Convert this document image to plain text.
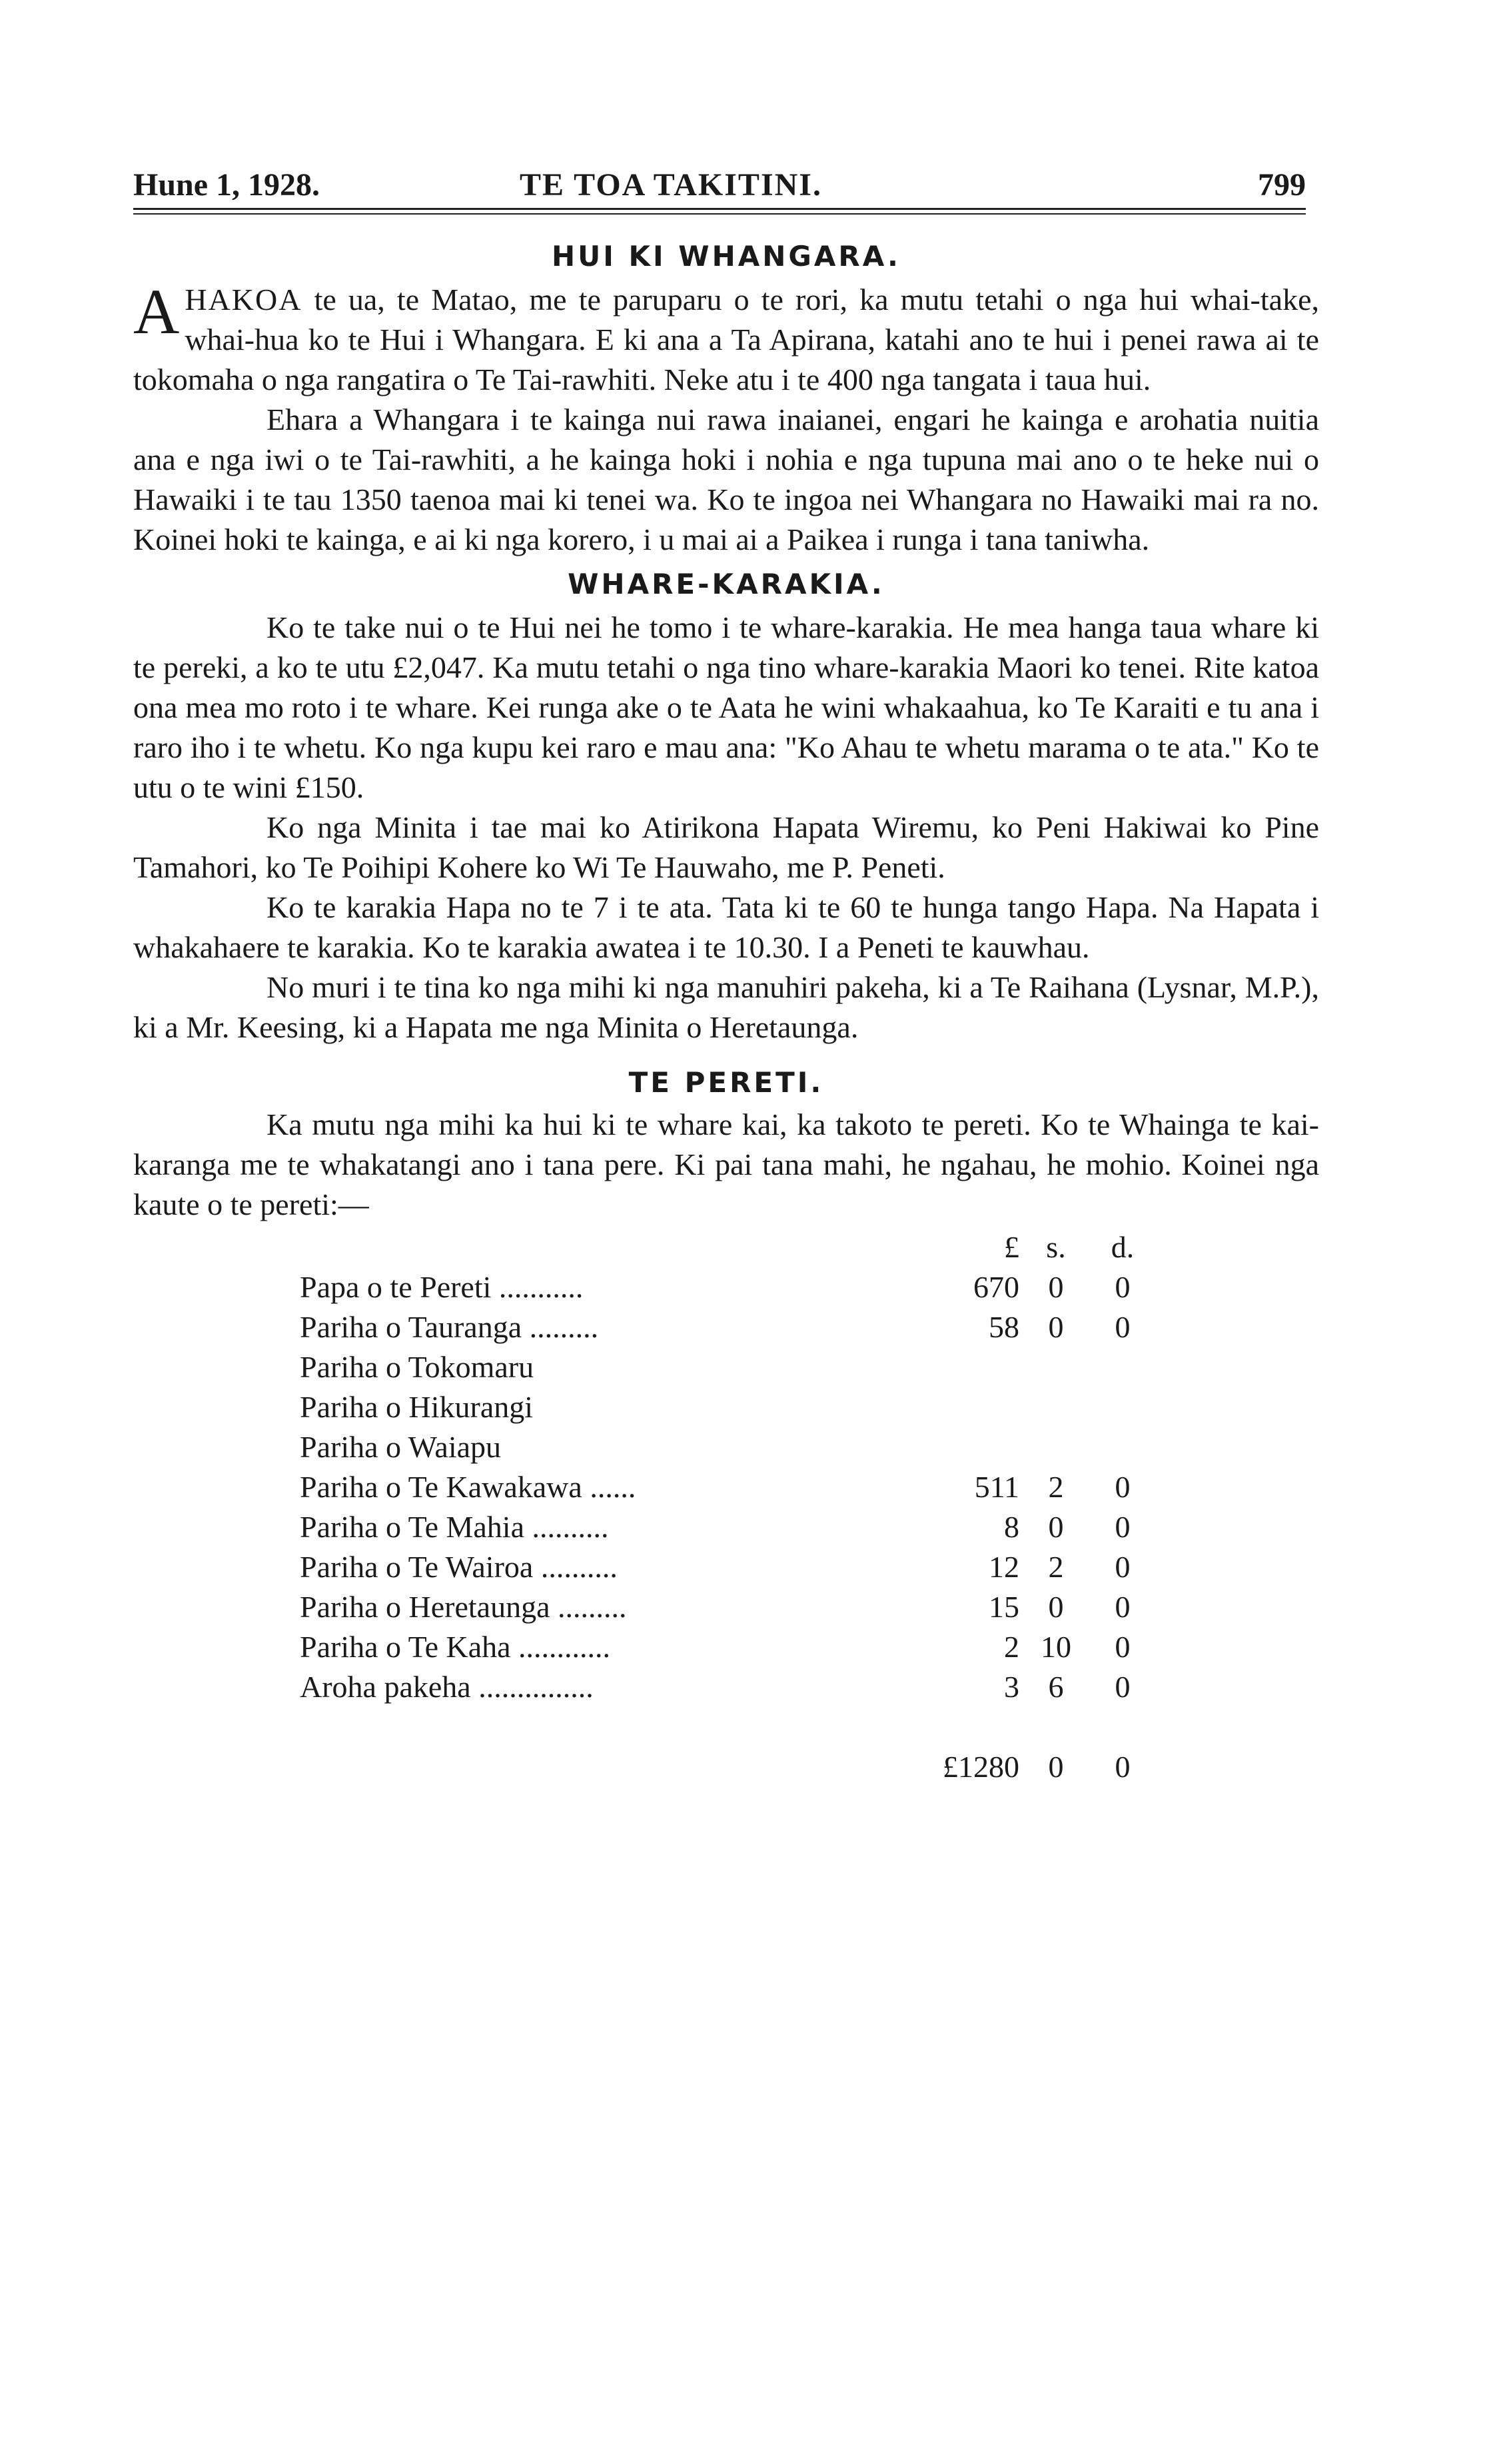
Hune 1, 1928.	TE TOA TAKITINI.	799
HUI KI WHANGARA.

AHAKOA te ua, te Matao, me te paruparu o te rori, ka mutu tetahi o nga hui whai-take, whai-hua ko te Hui i Whangara. E ki ana a Ta Apirana, katahi ano te hui i penei rawa ai te tokomaha o nga rangatira o Te Tai-rawhiti. Neke atu i te 400 nga tangata i taua hui.

Ehara a Whangara i te kainga nui rawa inaianei, engari he kainga e arohatia nuitia ana e nga iwi o te Tai-rawhiti, a he kainga hoki i nohia e nga tupuna mai ano o te heke nui o Hawaiki i te tau 1350 taenoa mai ki tenei wa. Ko te ingoa nei Whangara no Hawaiki mai ra no. Koinei hoki te kainga, e ai ki nga korero, i u mai ai a Paikea i runga i tana taniwha.

WHARE-KARAKIA.

Ko te take nui o te Hui nei he tomo i te whare-karakia. He mea hanga taua whare ki te pereki, a ko te utu £2,047. Ka mutu tetahi o nga tino whare-karakia Maori ko tenei. Rite katoa ona mea mo roto i te whare. Kei runga ake o te Aata he wini whakaahua, ko Te Karaiti e tu ana i raro iho i te whetu. Ko nga kupu kei raro e mau ana: "Ko Ahau te whetu marama o te ata." Ko te utu o te wini £150.

Ko nga Minita i tae mai ko Atirikona Hapata Wiremu, ko Peni Hakiwai ko Pine Tamahori, ko Te Poihipi Kohere ko Wi Te Hauwaho, me P. Peneti.

Ko te karakia Hapa no te 7 i te ata. Tata ki te 60 te hunga tango Hapa. Na Hapata i whakahaere te karakia. Ko te karakia awatea i te 10.30. I a Peneti te kauwhau.

No muri i te tina ko nga mihi ki nga manuhiri pakeha, ki a Te Raihana (Lysnar, M.P.), ki a Mr. Keesing, ki a Hapata me nga Minita o Heretaunga.

TE PERETI.

Ka mutu nga mihi ka hui ki te whare kai, ka takoto te pereti. Ko te Whainga te kai-karanga me te whakatangi ano i tana pere. Ki pai tana mahi, he ngahau, he mohio. Koinei nga kaute o te pereti:—

	£	s.	d.
Papa o te Pereti ...........	670	0	0
Pariha o Tauranga .........	58	0	0
Pariha o Tokomaru			
Pariha o Hikurangi			
Pariha o Waiapu			
Pariha o Te Kawakawa ......	511	2	0
Pariha o Te Mahia ..........	8	0	0
Pariha o Te Wairoa ..........	12	2	0
Pariha o Heretaunga .........	15	0	0
Pariha o Te Kaha ............	2	10	0
Aroha pakeha ...............	3	6	0
	£1280	0	0
